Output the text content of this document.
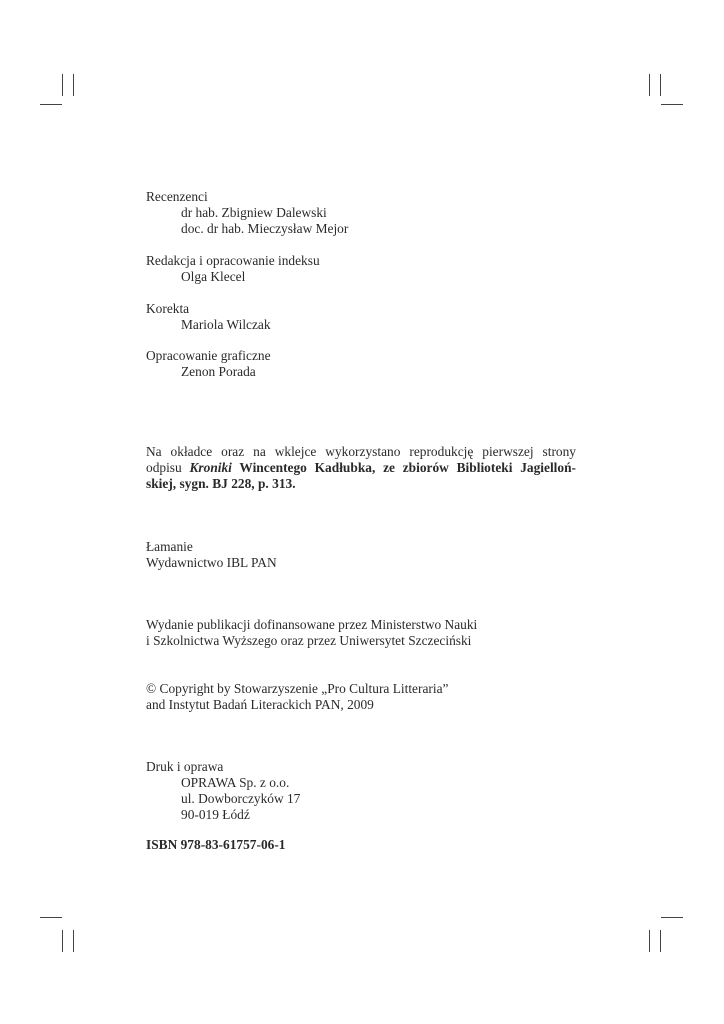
Recenzenci
dr hab. Zbigniew Dalewski
doc. dr hab. Mieczysław Mejor
Redakcja i opracowanie indeksu
Olga Klecel
Korekta
Mariola Wilczak
Opracowanie graficzne
Zenon Porada
Na okładce oraz na wklejce wykorzystano reprodukcję pierwszej strony
odpisu Kroniki Wincentego Kadłubka, ze zbiorów Biblioteki Jagielloń-
skiej, sygn. BJ 228, p. 313.
Łamanie
Wydawnictwo IBL PAN
Wydanie publikacji dofinansowane przez Ministerstwo Nauki
i Szkolnictwa Wyższego oraz przez Uniwersytet Szczeciński
© Copyright by Stowarzyszenie „Pro Cultura Litteraria”
and Instytut Badań Literackich PAN, 2009
Druk i oprawa
OPRAWA Sp. z o.o.
ul. Dowborczyków 17
90-019 Łódź
ISBN 978-83-61757-06-1
